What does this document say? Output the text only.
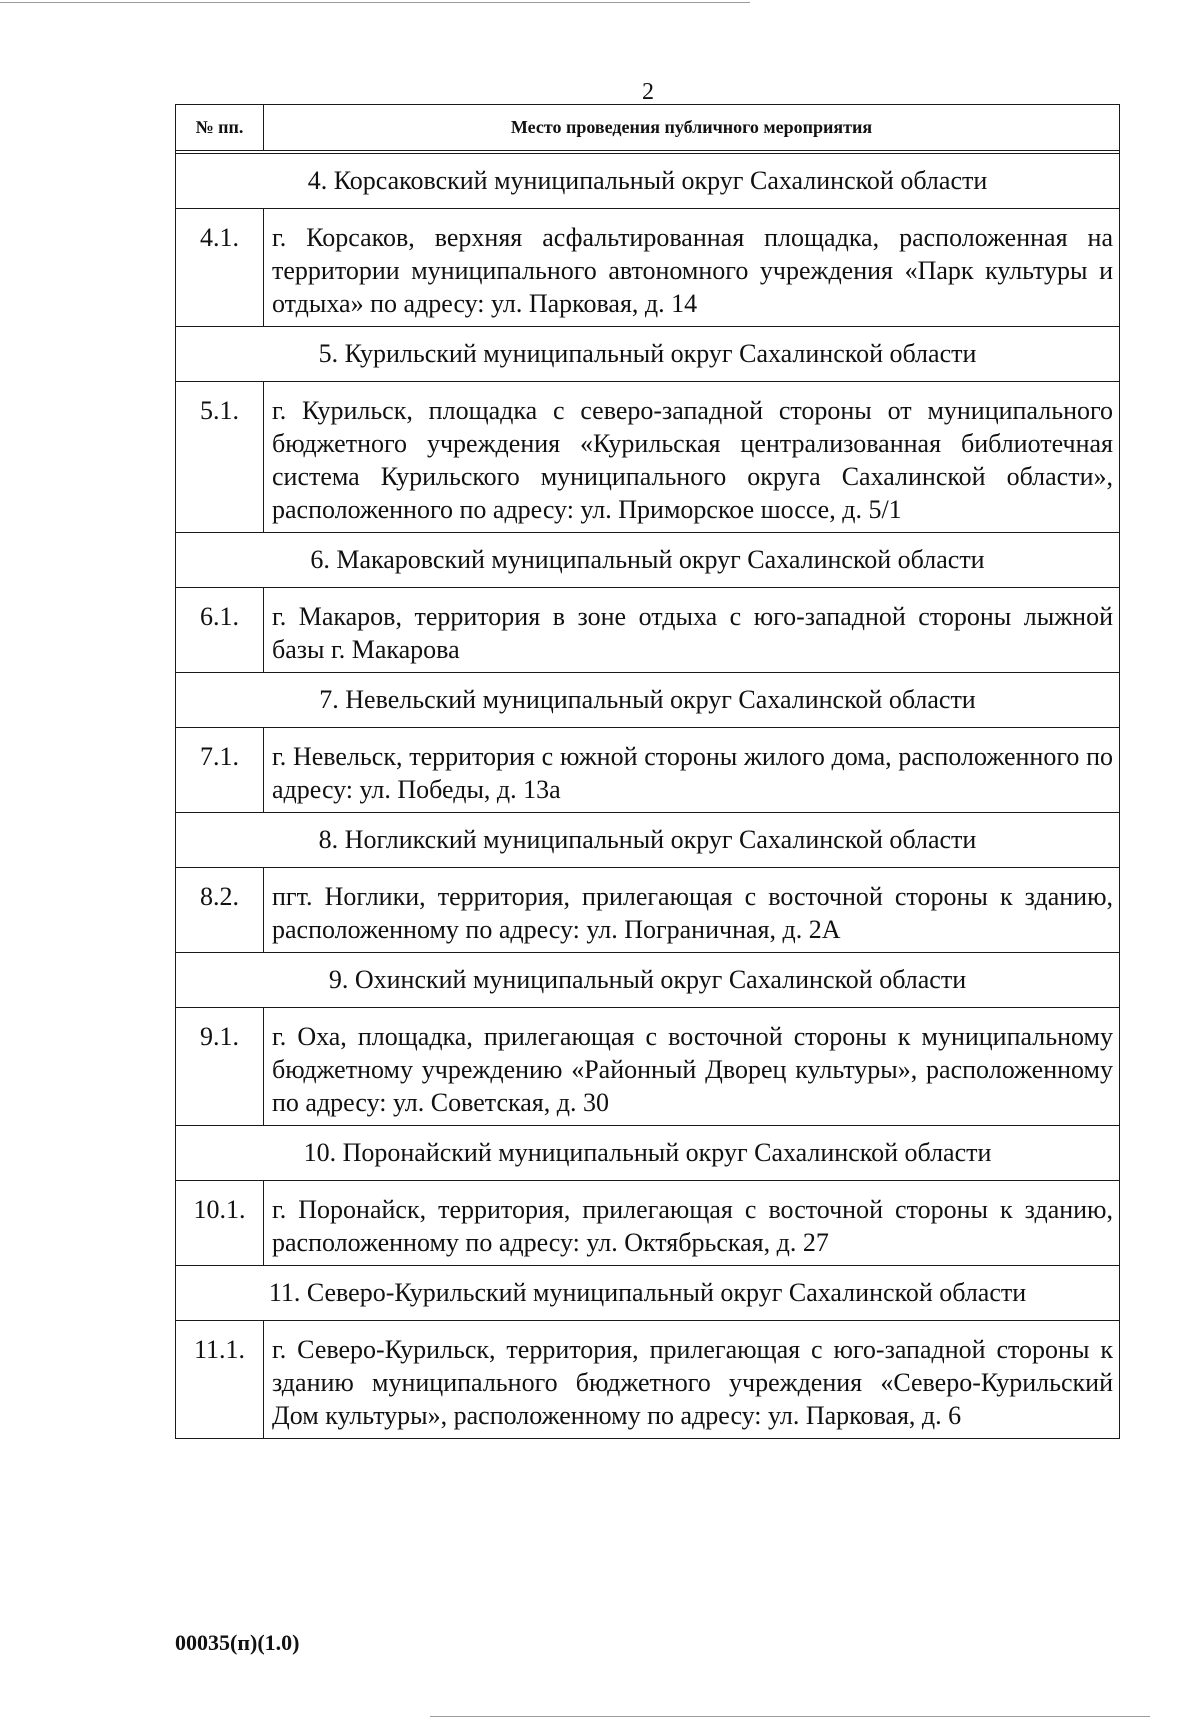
2
№ пп.	Место проведения публичного мероприятия

4. Корсаковский муниципальный округ Сахалинской области	
4.1.	г. Корсаков, верхняя асфальтированная площадка, расположенная на территории муниципального автономного учреждения «Парк культуры и отдыха» по адресу: ул. Парковая, д. 14
5. Курильский муниципальный округ Сахалинской области	
5.1.	г. Курильск, площадка с северо-западной стороны от муниципального бюджетного учреждения «Курильская централизованная библиотечная система Курильского муниципального округа Сахалинской области», расположенного по адресу: ул. Приморское шоссе, д. 5/1
6. Макаровский муниципальный округ Сахалинской области	
6.1.	г. Макаров, территория в зоне отдыха с юго-западной стороны лыжной базы г. Макарова
7. Невельский муниципальный округ Сахалинской области	
7.1.	г. Невельск, территория с южной стороны жилого дома, расположенного по адресу: ул. Победы, д. 13а
8. Ногликский муниципальный округ Сахалинской области	
8.2.	пгт. Ноглики, территория, прилегающая с восточной стороны к зданию, расположенному по адресу: ул. Пограничная, д. 2А
9. Охинский муниципальный округ Сахалинской области	
9.1.	г. Оха, площадка, прилегающая с восточной стороны к муниципальному бюджетному учреждению «Районный Дворец культуры», расположенному по адресу: ул. Советская, д. 30
10. Поронайский муниципальный округ Сахалинской области	
10.1.	г. Поронайск, территория, прилегающая с восточной стороны к зданию, расположенному по адресу: ул. Октябрьская, д. 27
11. Северо-Курильский муниципальный округ Сахалинской области	
11.1.	г. Северо-Курильск, территория, прилегающая с юго-западной стороны к зданию муниципального бюджетного учреждения «Северо-Курильский Дом культуры», расположенному по адресу: ул. Парковая, д. 6
00035(п)(1.0)
